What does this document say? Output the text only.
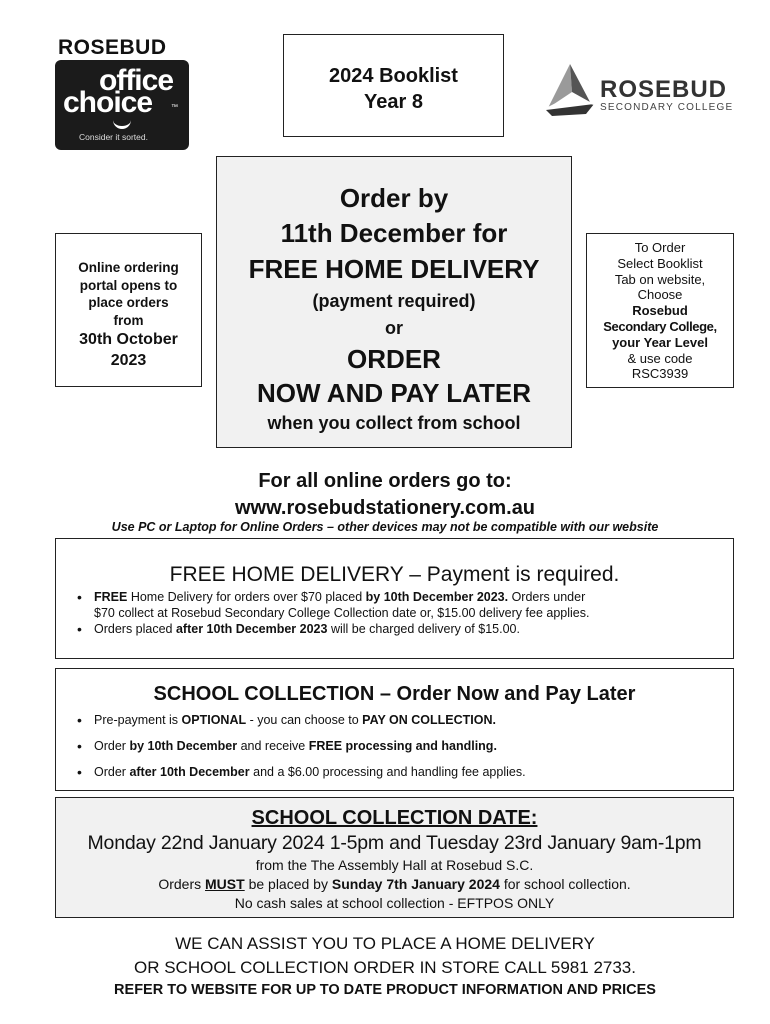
ROSEBUD
office
choice	™
Consider it sorted.
2024 Booklist
Year 8	ROSEBUD
SECONDARY COLLEGE
Order by
11th December for
FREE HOME DELIVERY
(payment required)
or
ORDER
NOW AND PAY LATER
when you collect from school
Online ordering
portal opens to
place orders
from
30th October
2023
To Order
Select Booklist
Tab on website,
Choose
Rosebud
Secondary College,
your Year Level
& use code
RSC3939
For all online orders go to:
www.rosebudstationery.com.au
Use PC or Laptop for Online Orders – other devices may not be compatible with our website
FREE HOME DELIVERY – Payment is required.
• FREE Home Delivery for orders over $70 placed by 10th December 2023. Orders under
$70 collect at Rosebud Secondary College Collection date or, $15.00 delivery fee applies.
• Orders placed after 10th December 2023 will be charged delivery of $15.00.
SCHOOL COLLECTION – Order Now and Pay Later
• Pre-payment is OPTIONAL - you can choose to PAY ON COLLECTION.
• Order by 10th December and receive FREE processing and handling.
• Order after 10th December and a $6.00 processing and handling fee applies.
SCHOOL COLLECTION DATE:
Monday 22nd January 2024 1-5pm and Tuesday 23rd January 9am-1pm
from the The Assembly Hall at Rosebud S.C.
Orders MUST be placed by Sunday 7th January 2024 for school collection.
No cash sales at school collection - EFTPOS ONLY
WE CAN ASSIST YOU TO PLACE A HOME DELIVERY
OR SCHOOL COLLECTION ORDER IN STORE CALL 5981 2733.
REFER TO WEBSITE FOR UP TO DATE PRODUCT INFORMATION AND PRICES
